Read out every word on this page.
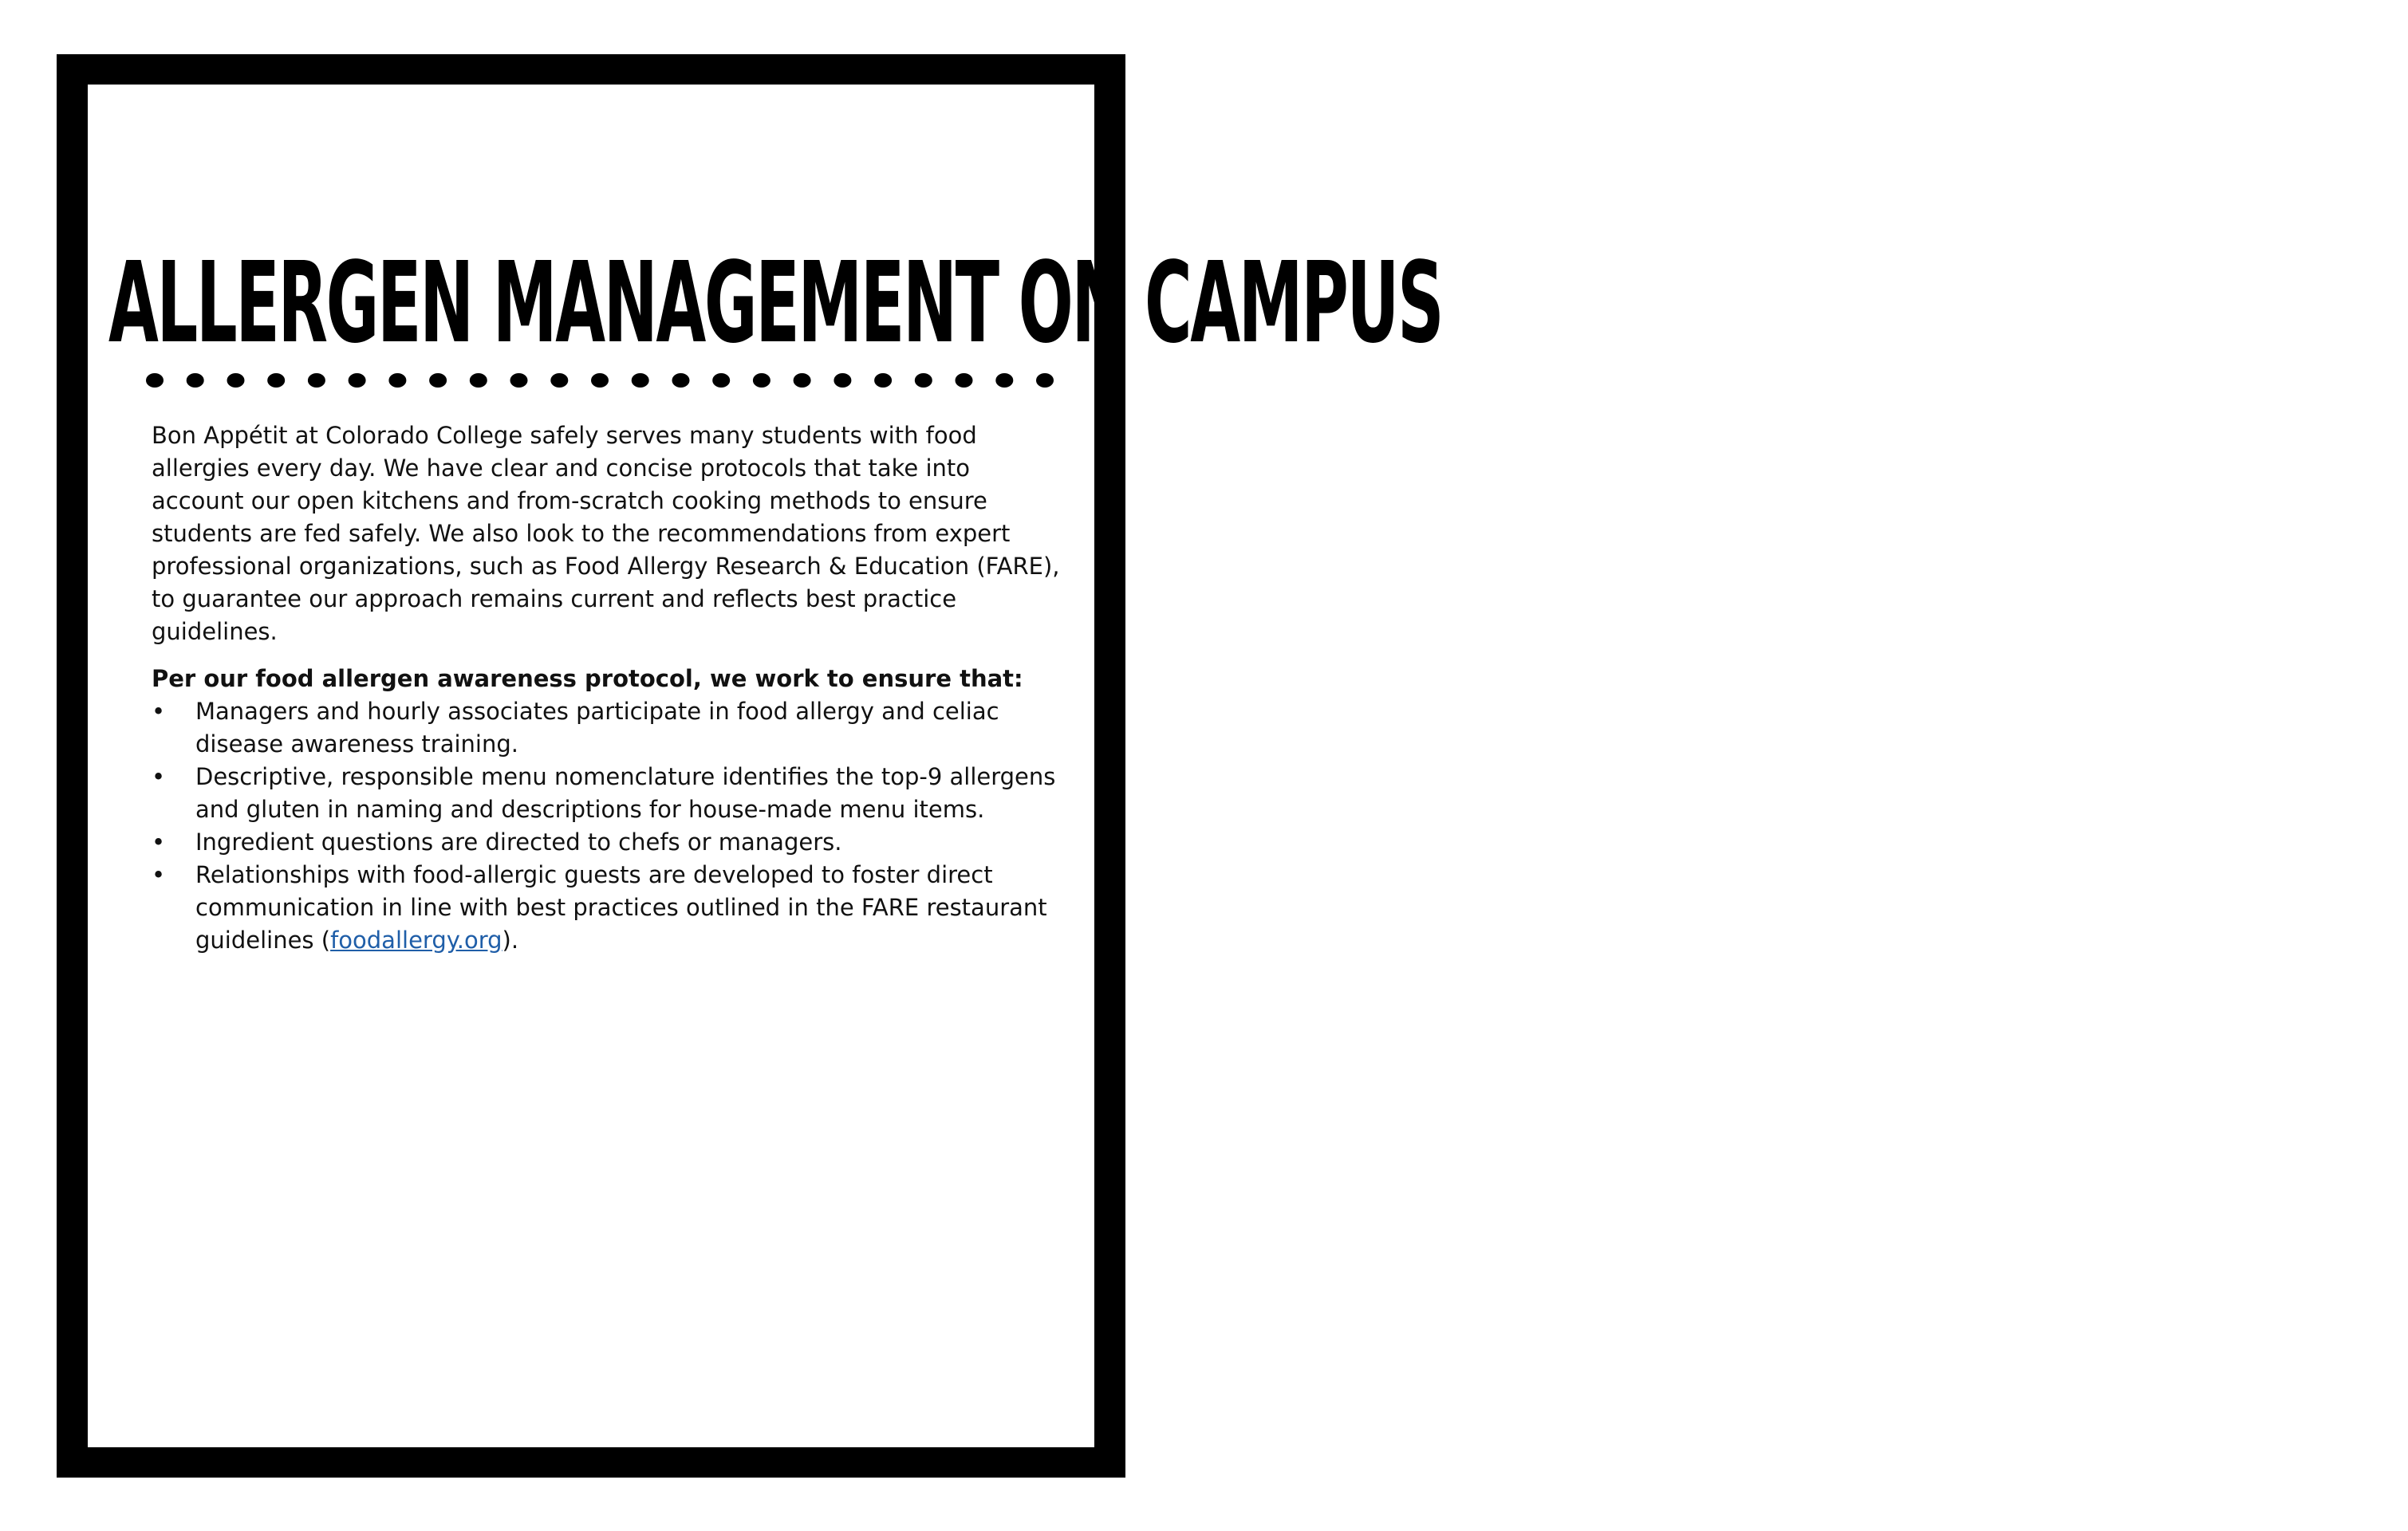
ALLERGEN MANAGEMENT ON CAMPUS

Bon Appétit at Colorado College safely serves many students with food allergies every day. We have clear and concise protocols that take into account our open kitchens and from-scratch cooking methods to ensure students are fed safely. We also look to the recommendations from expert professional organizations, such as Food Allergy Research & Education (FARE), to guarantee our approach remains current and reflects best practice guidelines.

Per our food allergen awareness protocol, we work to ensure that:

• Managers and hourly associates participate in food allergy and celiac disease awareness training.
• Descriptive, responsible menu nomenclature identifies the top-9 allergens and gluten in naming and descriptions for house-made menu items.
• Ingredient questions are directed to chefs or managers.
• Relationships with food-allergic guests are developed to foster direct communication in line with best practices outlined in the FARE restaurant guidelines (foodallergy.org).
